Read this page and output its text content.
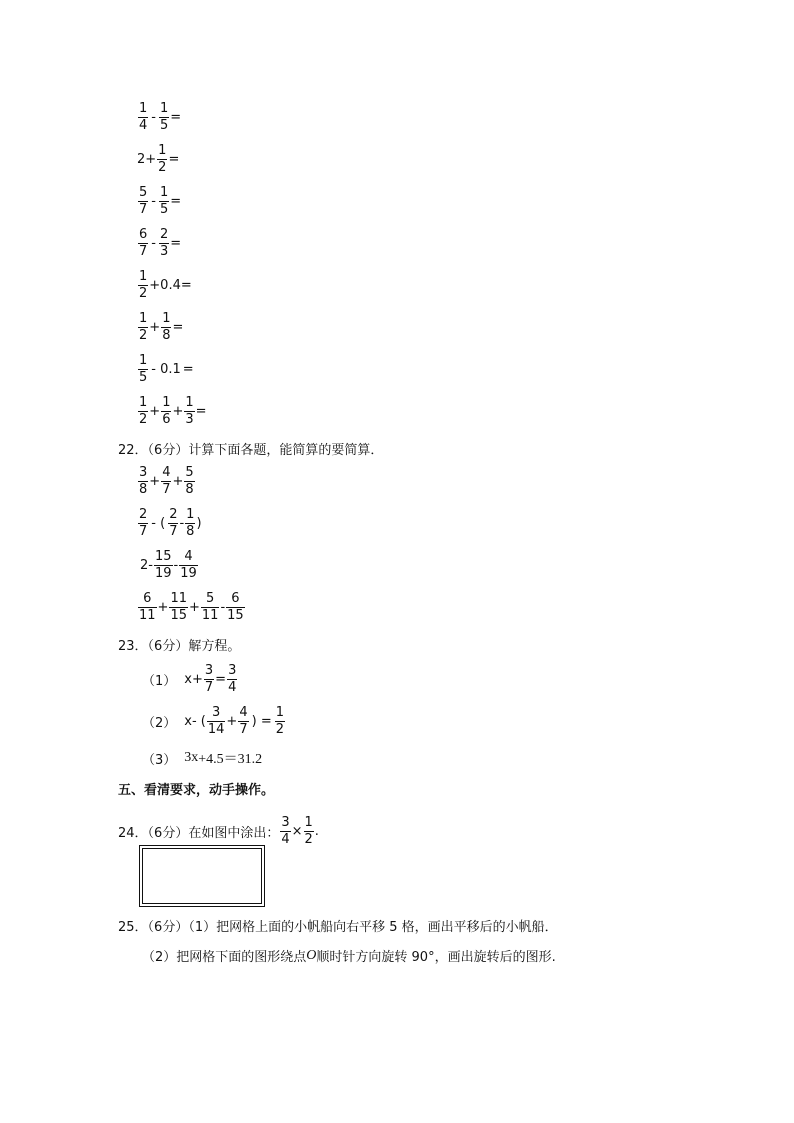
$\frac{1}{4} - \frac{1}{5}$ =
$2+ \frac{1}{2}$ =
$\frac{5}{7} - \frac{1}{5}$ =
$\frac{6}{7} - \frac{2}{3}$ =
$\frac{1}{2} +0.4$ =
$\frac{1}{2} + \frac{1}{8}$ =
$\frac{1}{5} - 0.1$ =
$\frac{1}{2} + \frac{1}{6} + \frac{1}{3}$ =
22．（6分）计算下面各题，能简算的要简算．
$\frac{3}{8} + \frac{4}{7} + \frac{5}{8}$
$\frac{2}{7}$ - ( $\frac{2}{7} - \frac{1}{8}$ )
$2- \frac{15}{19} - \frac{4}{19}$
$\frac{6}{11} + \frac{11}{15} + \frac{5}{11} - \frac{6}{15}$
23．（6分）解方程。
（1） $x+ \frac{3}{7} = \frac{3}{4}$
（2） x- ( $\frac{3}{14} + \frac{4}{7}$ ) = $\frac{1}{2}$
（3） 3x +4.5＝31.2
五、看清要求，动手操作。
24．（6分）在如图中涂出： $\frac{3}{4} \times \frac{1}{2}$ .
25．（6分）（1）把网格上面的小帆船向右平移 5 格，画出平移后的小帆船．
（2）把网格下面的图形绕点 O 顺时针方向旋转 90°，画出旋转后的图形.
